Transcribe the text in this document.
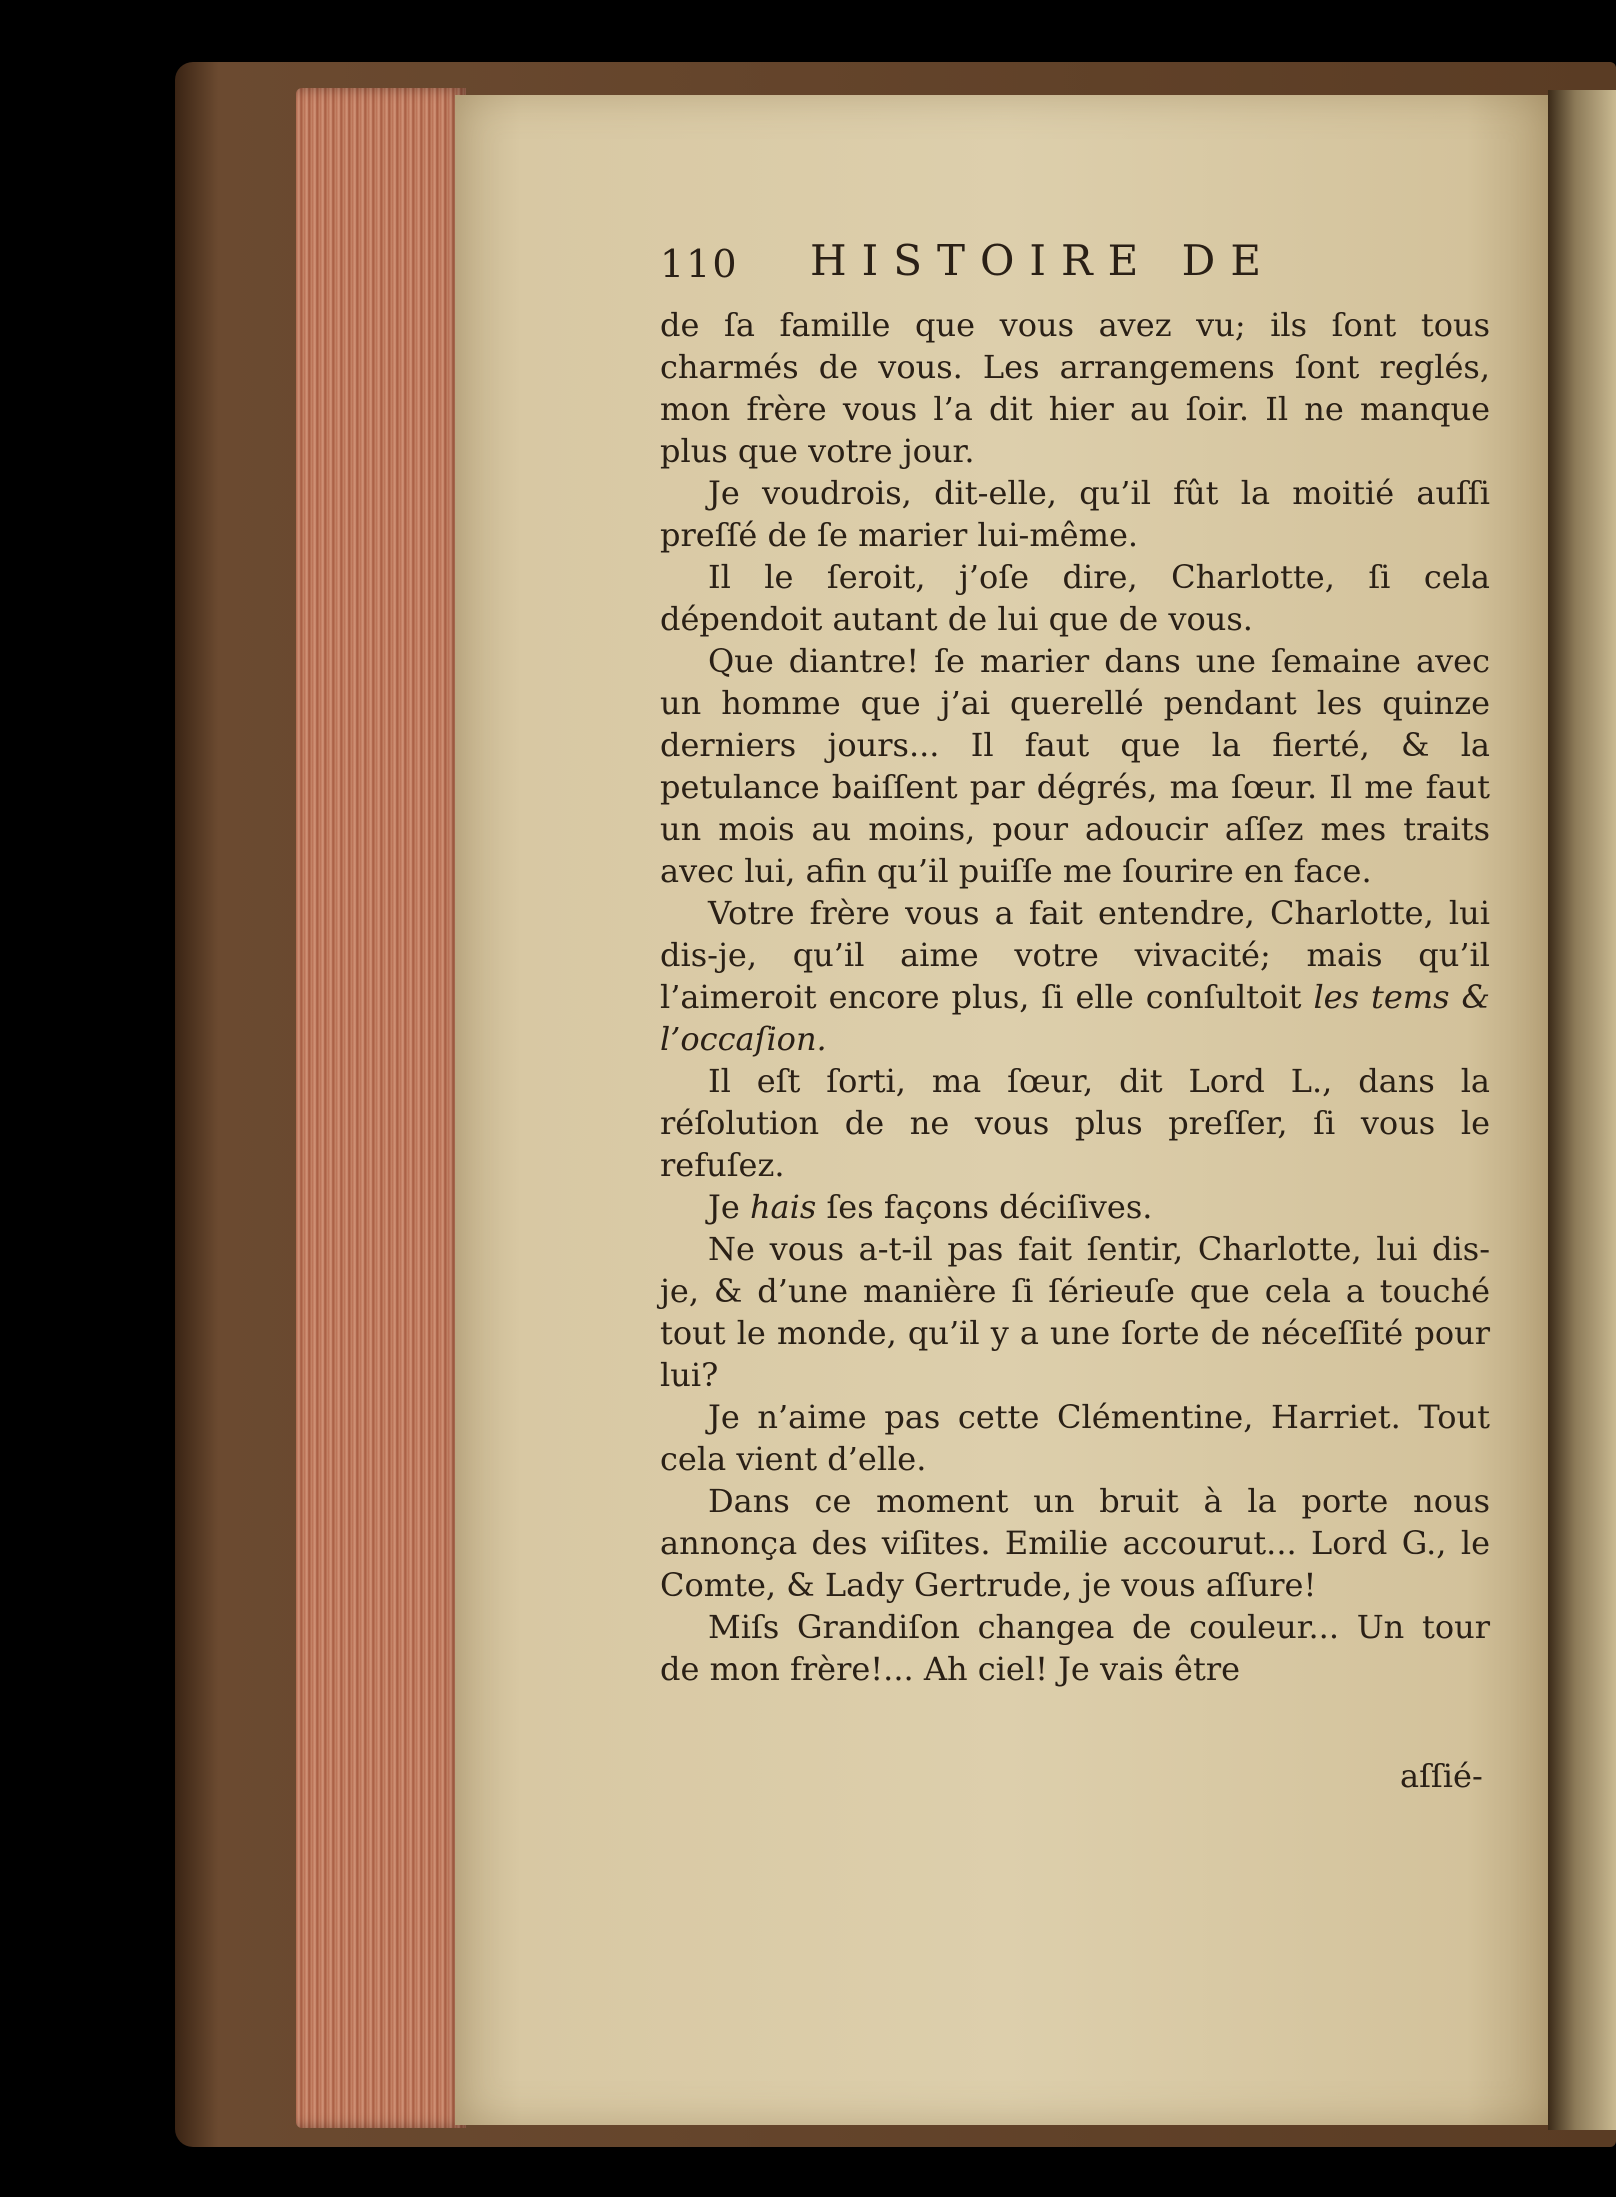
110 HISTOIRE DE

de ſa famille que vous avez vu; ils ſont tous charmés de vous. Les arrangemens ſont reglés, mon frère vous l’a dit hier au ſoir. Il ne manque plus que votre jour.

Je voudrois, dit-elle, qu’il fût la moitié auſſi preſſé de ſe marier lui-même.

Il le ſeroit, j’oſe dire, Charlotte, ſi cela dépendoit autant de lui que de vous.

Que diantre! ſe marier dans une ſemaine avec un homme que j’ai querellé pendant les quinze derniers jours... Il faut que la fierté, & la petulance baiſſent par dégrés, ma ſœur. Il me faut un mois au moins, pour adoucir aſſez mes traits avec lui, afin qu’il puiſſe me ſourire en face.

Votre frère vous a fait entendre, Charlotte, lui dis-je, qu’il aime votre vivacité; mais qu’il l’aimeroit encore plus, ſi elle conſultoit les tems & l’occaſion.

Il eſt ſorti, ma ſœur, dit Lord L., dans la réſolution de ne vous plus preſſer, ſi vous le refuſez.

Je hais ſes façons déciſives.

Ne vous a-t-il pas fait ſentir, Charlotte, lui dis-je, & d’une manière ſi ſérieuſe que cela a touché tout le monde, qu’il y a une ſorte de néceſſité pour lui?

Je n’aime pas cette Clémentine, Harriet. Tout cela vient d’elle.

Dans ce moment un bruit à la porte nous annonça des viſites. Emilie accourut... Lord G., le Comte, & Lady Gertrude, je vous aſſure!

Miſs Grandiſon changea de couleur... Un tour de mon frère!... Ah ciel! Je vais être

aſſié-
